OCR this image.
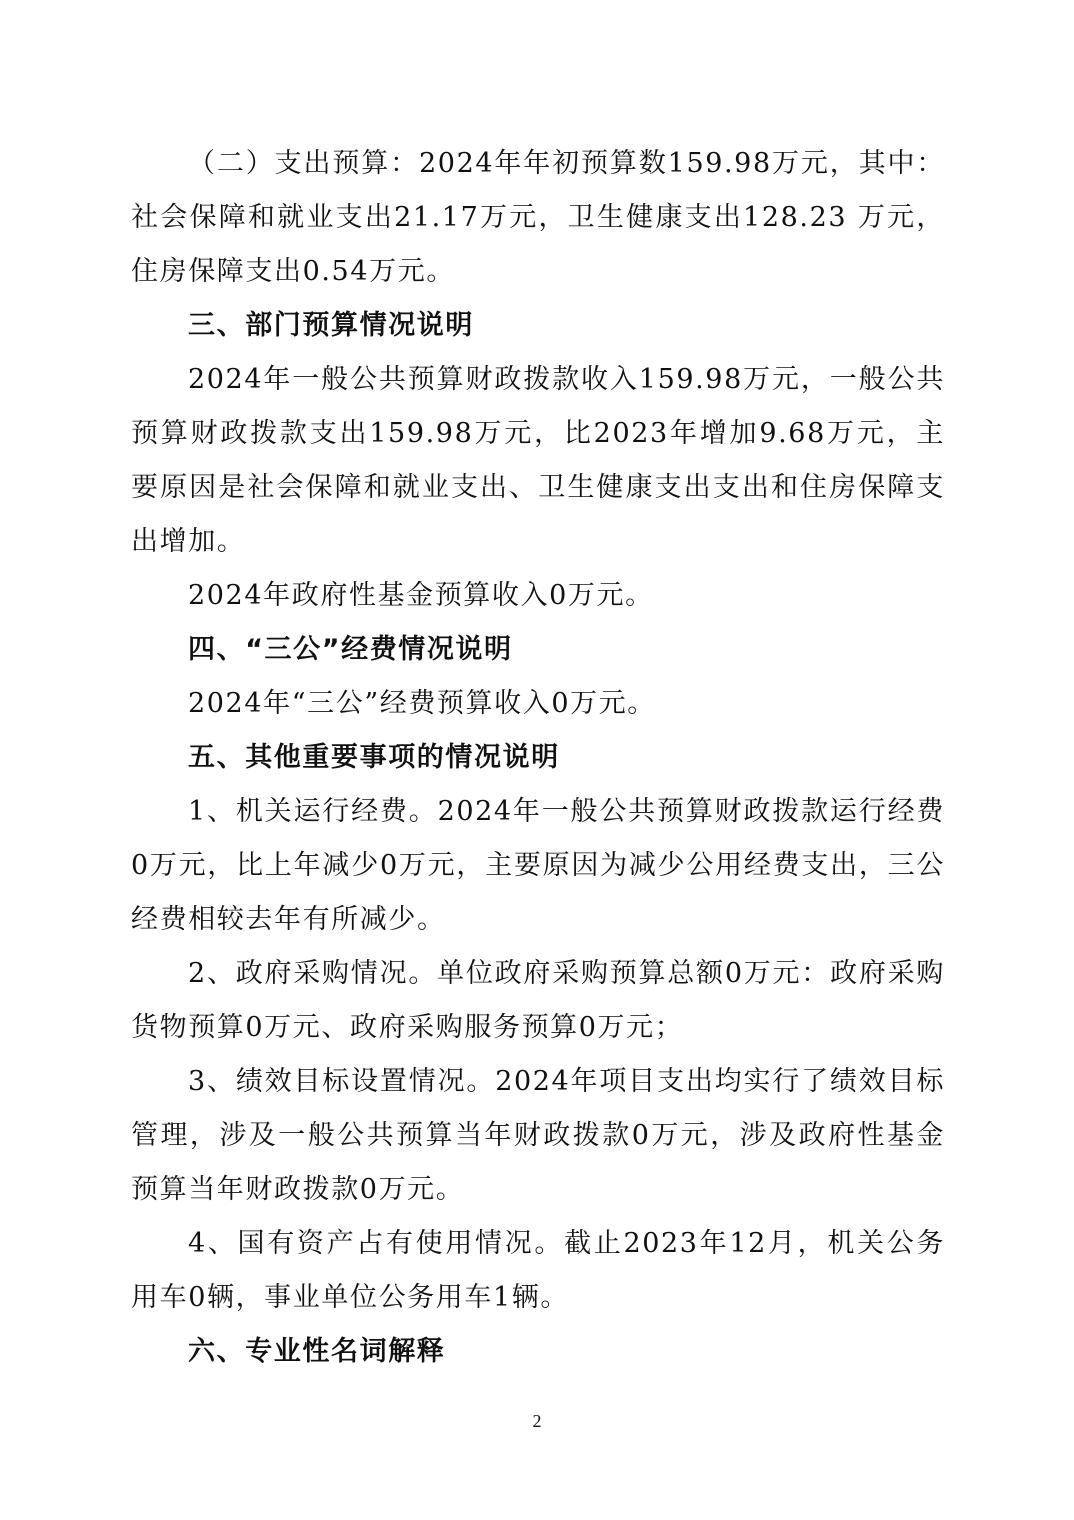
（二）支出预算：2024年年初预算数159.98万元，其中：社会保障和就业支出21.17万元，卫生健康支出128.23 万元，住房保障支出0.54万元。

三、部门预算情况说明

2024年一般公共预算财政拨款收入159.98万元，一般公共预算财政拨款支出159.98万元，比2023年增加9.68万元，主要原因是社会保障和就业支出、卫生健康支出支出和住房保障支出增加。

2024年政府性基金预算收入0万元。

四、“三公”经费情况说明

2024年“三公”经费预算收入0万元。

五、其他重要事项的情况说明

1、机关运行经费。2024年一般公共预算财政拨款运行经费0万元，比上年减少0万元，主要原因为减少公用经费支出，三公经费相较去年有所减少。

2、政府采购情况。单位政府采购预算总额0万元：政府采购货物预算0万元、政府采购服务预算0万元；

3、绩效目标设置情况。2024年项目支出均实行了绩效目标管理，涉及一般公共预算当年财政拨款0万元，涉及政府性基金预算当年财政拨款0万元。

4、国有资产占有使用情况。截止2023年12月，机关公务用车0辆，事业单位公务用车1辆。

六、专业性名词解释

2
